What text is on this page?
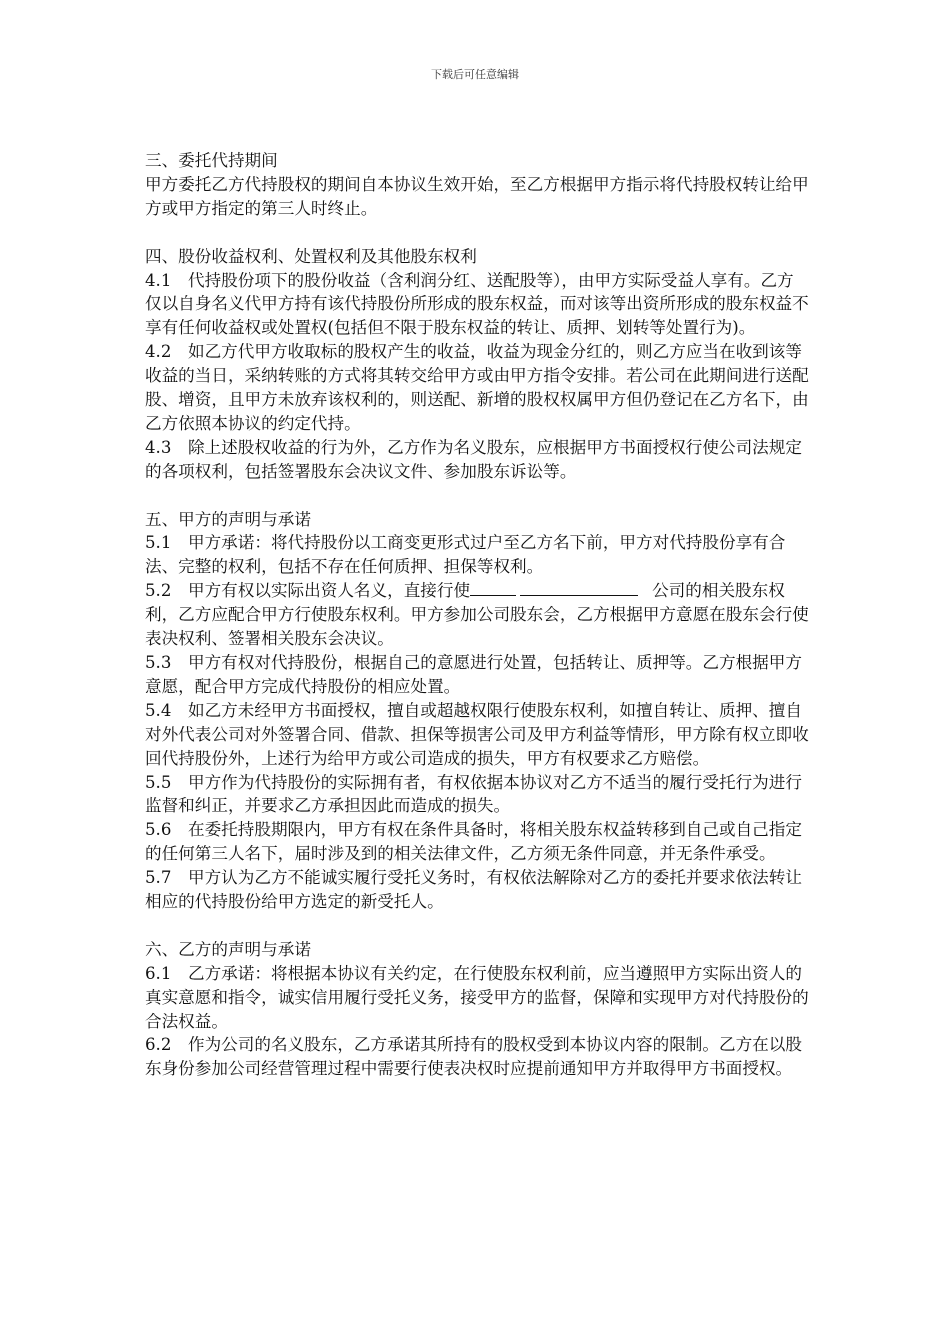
下载后可任意编辑

三、委托代持期间

甲方委托乙方代持股权的期间自本协议生效开始，至乙方根据甲方指示将代持股权转让给甲方或甲方指定的第三人时终止。

四、股份收益权利、处置权利及其他股东权利

4.1　代持股份项下的股份收益（含利润分红、送配股等），由甲方实际受益人享有。乙方仅以自身名义代甲方持有该代持股份所形成的股东权益，而对该等出资所形成的股东权益不享有任何收益权或处置权(包括但不限于股东权益的转让、质押、划转等处置行为)。

4.2　如乙方代甲方收取标的股权产生的收益，收益为现金分红的，则乙方应当在收到该等收益的当日，采纳转账的方式将其转交给甲方或由甲方指令安排。若公司在此期间进行送配股、增资，且甲方未放弃该权利的，则送配、新增的股权权属甲方但仍登记在乙方名下，由乙方依照本协议的约定代持。

4.3　除上述股权收益的行为外，乙方作为名义股东，应根据甲方书面授权行使公司法规定的各项权利，包括签署股东会决议文件、参加股东诉讼等。

五、甲方的声明与承诺

5.1　甲方承诺：将代持股份以工商变更形式过户至乙方名下前，甲方对代持股份享有合法、完整的权利，包括不存在任何质押、担保等权利。

5.2　甲方有权以实际出资人名义，直接行使	公司的相关股东权利，乙方应配合甲方行使股东权利。甲方参加公司股东会，乙方根据甲方意愿在股东会行使表决权利、签署相关股东会决议。

5.3　甲方有权对代持股份，根据自己的意愿进行处置，包括转让、质押等。乙方根据甲方意愿，配合甲方完成代持股份的相应处置。

5.4　如乙方未经甲方书面授权，擅自或超越权限行使股东权利，如擅自转让、质押、擅自对外代表公司对外签署合同、借款、担保等损害公司及甲方利益等情形，甲方除有权立即收回代持股份外，上述行为给甲方或公司造成的损失，甲方有权要求乙方赔偿。

5.5　甲方作为代持股份的实际拥有者，有权依据本协议对乙方不适当的履行受托行为进行监督和纠正，并要求乙方承担因此而造成的损失。

5.6　在委托持股期限内，甲方有权在条件具备时，将相关股东权益转移到自己或自己指定的任何第三人名下，届时涉及到的相关法律文件，乙方须无条件同意，并无条件承受。

5.7　甲方认为乙方不能诚实履行受托义务时，有权依法解除对乙方的委托并要求依法转让相应的代持股份给甲方选定的新受托人。

六、乙方的声明与承诺

6.1　乙方承诺：将根据本协议有关约定，在行使股东权利前，应当遵照甲方实际出资人的真实意愿和指令，诚实信用履行受托义务，接受甲方的监督，保障和实现甲方对代持股份的合法权益。

6.2　作为公司的名义股东，乙方承诺其所持有的股权受到本协议内容的限制。乙方在以股东身份参加公司经营管理过程中需要行使表决权时应提前通知甲方并取得甲方书面授权。
